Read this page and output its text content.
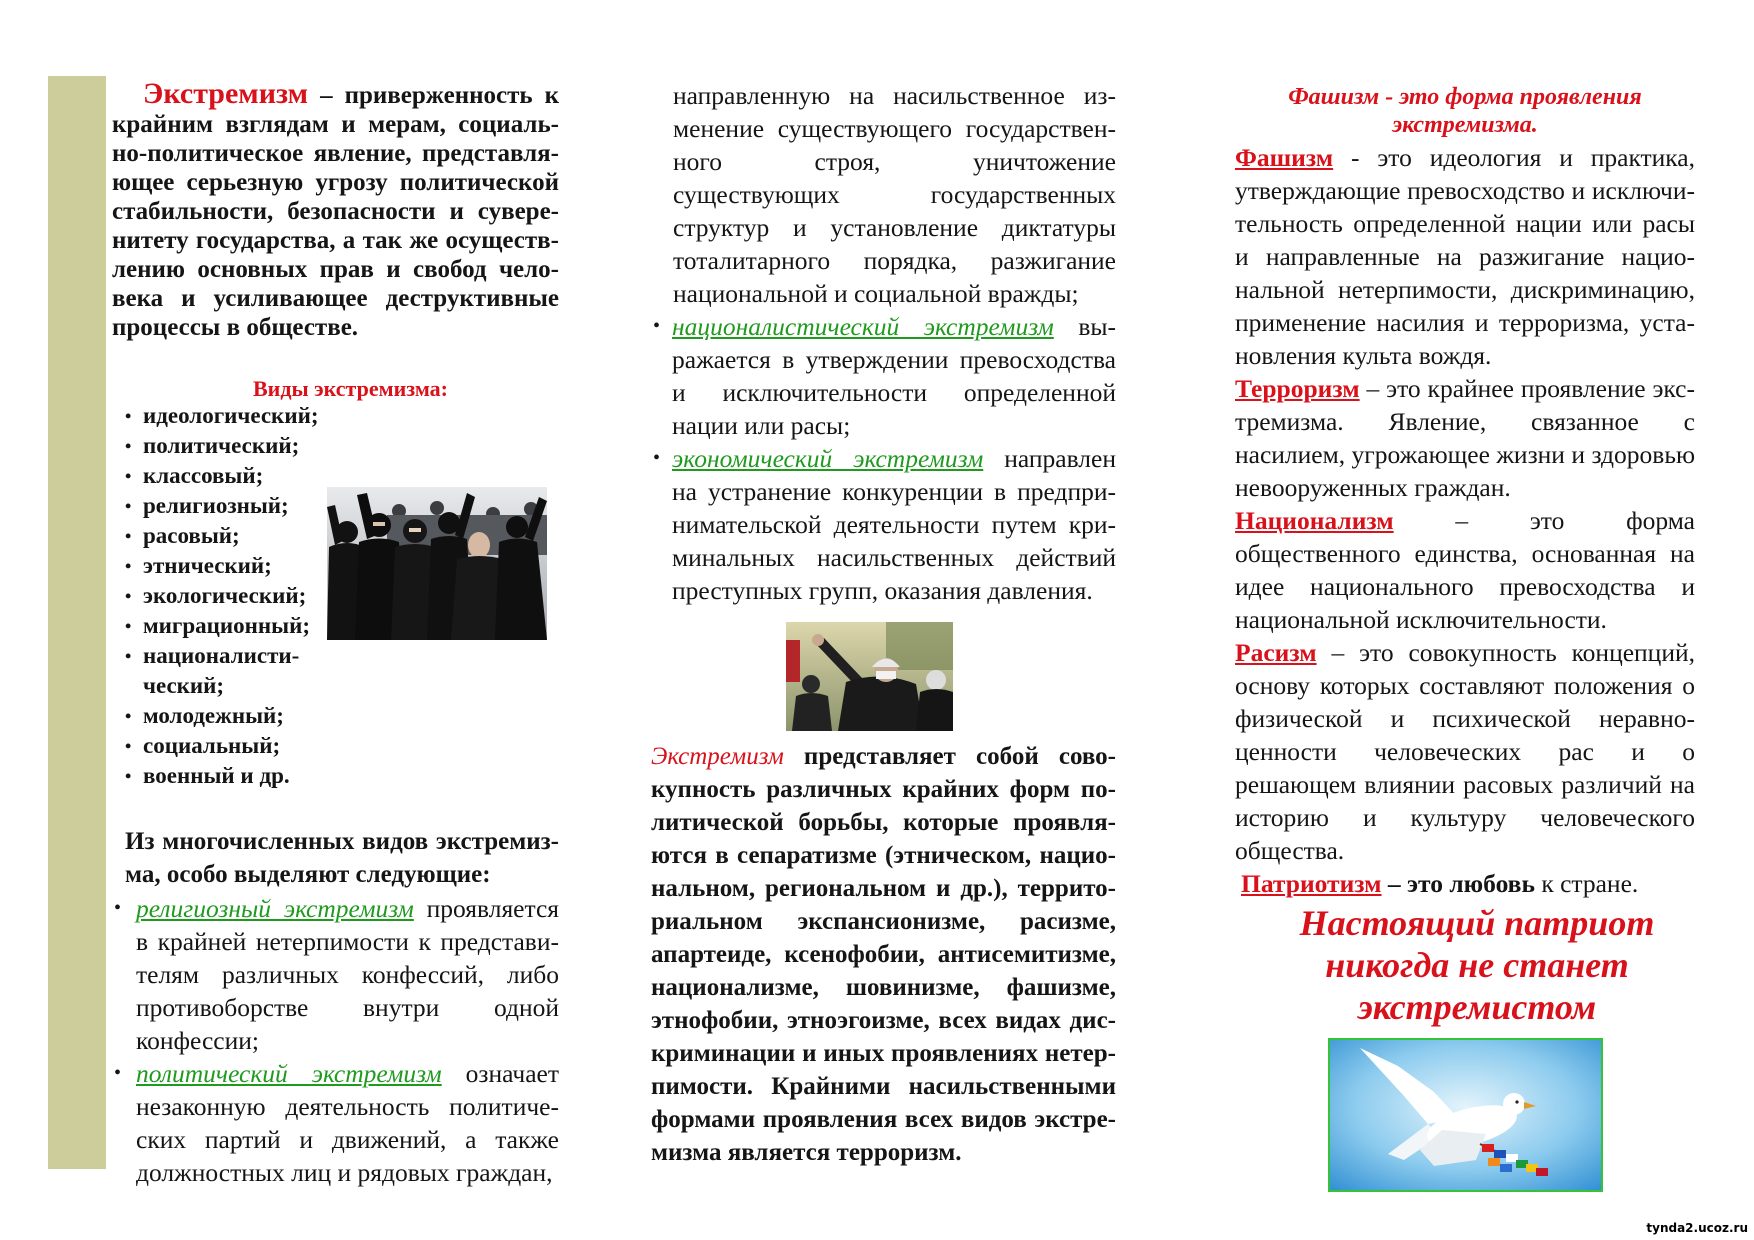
Экстремизм – приверженность к крайним взглядам и мерам, социально-политическое явление, представляющее серьезную угрозу политической стабильности, безопасности и суверенитету государства, а так же осуществлению основных прав и свобод человека и усиливающее деструктивные процессы в обществе.

Виды экстремизма:
• идеологический;
• политический;
• классовый;
• религиозный;
• расовый;
• этнический;
• экологический;
• миграционный;
• националистический;
• молодежный;
• социальный;
• военный и др.

Из многочисленных видов экстремизма, особо выделяют следующие:

• религиозный экстремизм проявляется в крайней нетерпимости к представителям различных конфессий, либо противоборстве внутри одной конфессии;
• политический экстремизм означает незаконную деятельность политических партий и движений, а также должностных лиц и рядовых граждан,

направленную на насильственное изменение существующего государственного строя, уничтожение существующих государственных структур и установление диктатуры тоталитарного порядка, разжигание национальной и социальной вражды;

• националистический экстремизм выражается в утверждении превосходства и исключительности определенной нации или расы;
• экономический экстремизм направлен на устранение конкуренции в предпринимательской деятельности путем криминальных насильственных действий преступных групп, оказания давления.

Экстремизм представляет собой совокупность различных крайних форм политической борьбы, которые проявляются в сепаратизме (этническом, национальном, региональном и др.), территориальном экспансионизме, расизме, апартеиде, ксенофобии, антисемитизме, национализме, шовинизме, фашизме, этнофобии, этноэгоизме, всех видах дискриминации и иных проявлениях нетерпимости. Крайними насильственными формами проявления всех видов экстремизма является терроризм.

Фашизм - это форма проявления экстремизма.

Фашизм - это идеология и практика, утверждающие превосходство и исключительность определенной нации или расы и направленные на разжигание национальной нетерпимости, дискриминацию, применение насилия и терроризма, установления культа вождя.

Терроризм – это крайнее проявление экстремизма. Явление, связанное с насилием, угрожающее жизни и здоровью невооруженных граждан.

Национализм – это форма общественного единства, основанная на идее национального превосходства и национальной исключительности.

Расизм – это совокупность концепций, основу которых составляют положения о физической и психической неравноценности человеческих рас и о решающем влиянии расовых различий на историю и культуру человеческого общества.

Патриотизм – это любовь к стране.

Настоящий патриот никогда не станет экстремистом
tynda2.ucoz.ru
